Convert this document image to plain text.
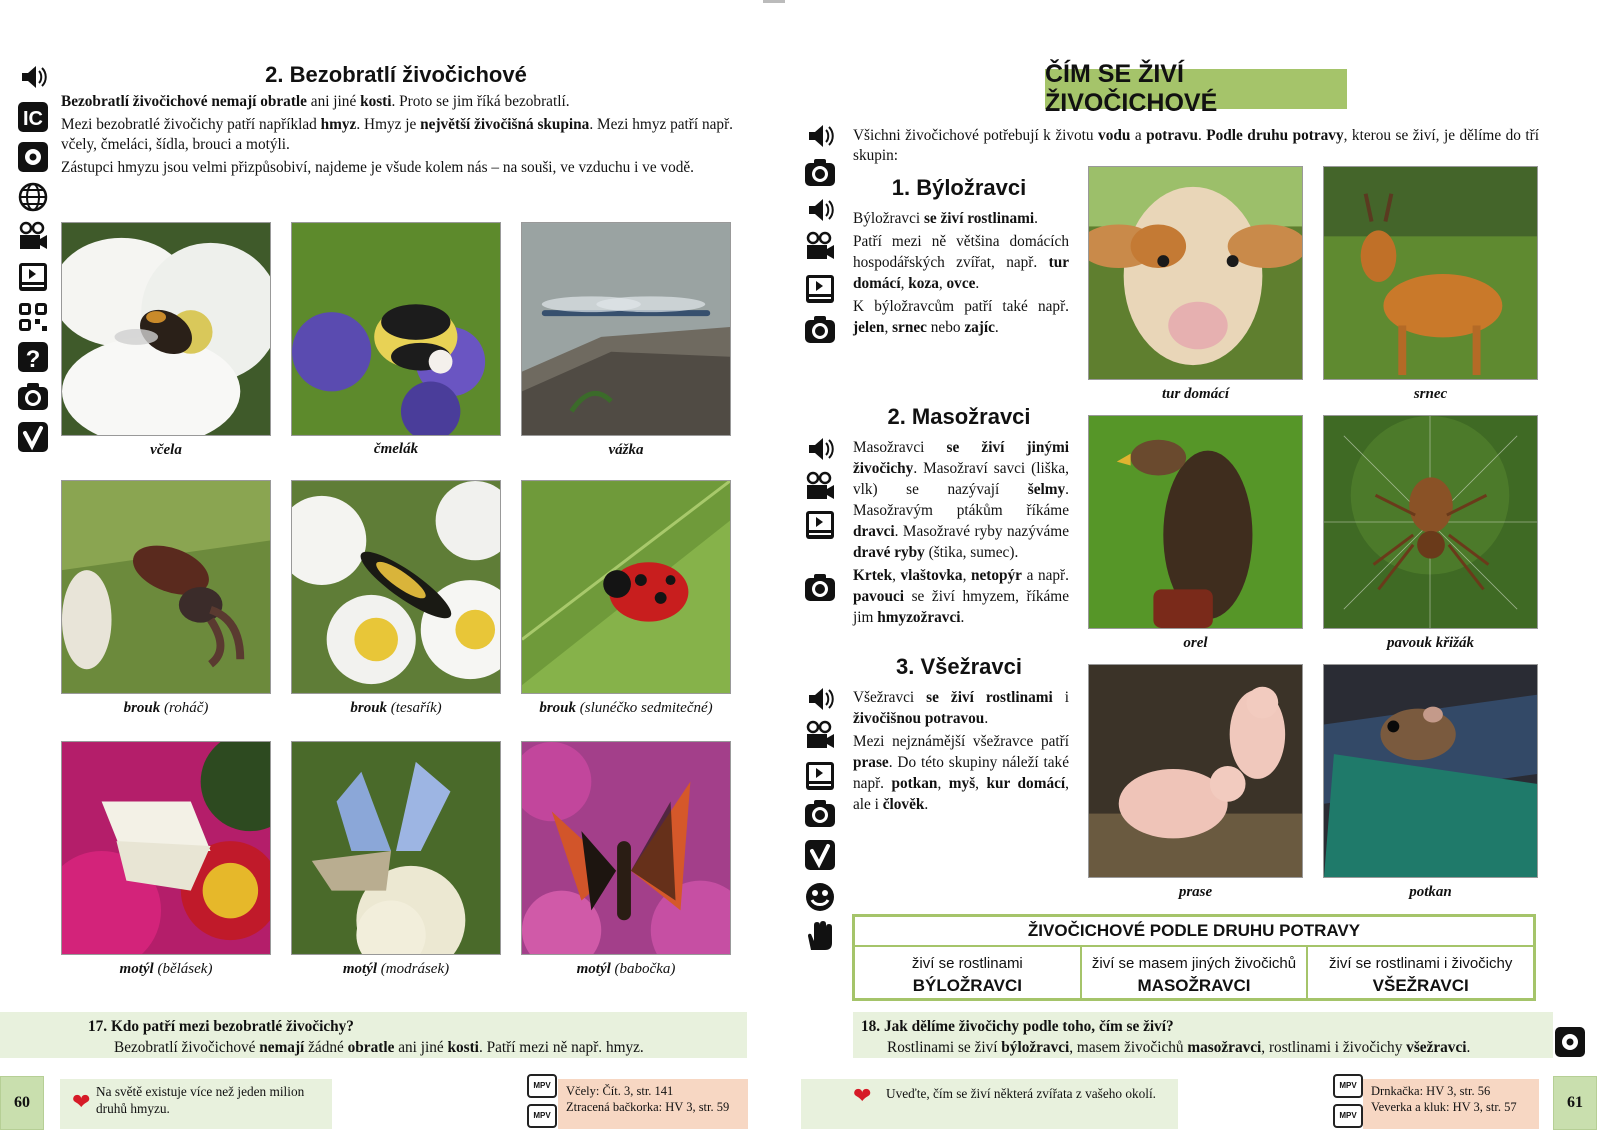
IC
?
2. Bezobratlí živočichové

Bezobratlí živočichové nemají obratle ani jiné kosti. Proto se jim říká bezobratlí.

Mezi bezobratlé živočichy patří například hmyz. Hmyz je největší živočišná skupina. Mezi hmyz patří např. včely, čmeláci, šídla, brouci a motýli.

Zástupci hmyzu jsou velmi přizpůsobiví, najdeme je všude kolem nás – na souši, ve vzduchu i ve vodě.

včela	čmelák	vážka
brouk (roháč)	brouk (tesařík)	brouk (slunéčko sedmitečné)
motýl (bělásek)	motýl (modrásek)	motýl (babočka)
17. Kdo patří mezi bezobratlé živočichy?
Bezobratlí živočichové nemají žádné obratle ani jiné kosti. Patří mezi ně např. hmyz.
60	❤ Na světě existuje více než jeden milion druhů hmyzu.
MPV
MPV
Včely: Čít. 3, str. 141
Ztracená bačkorka: HV 3, str. 59
ČÍM SE ŽIVÍ ŽIVOČICHOVÉ
Všichni živočichové potřebují k životu vodu a potravu. Podle druhu potravy, kterou se živí, je dělíme do tří skupin:
1. Býložravci

Býložravci se živí rostlinami.

Patří mezi ně většina domácích hospodářských zvířat, např. tur domácí, koza, ovce.

K býložravcům patří také např. jelen, srnec nebo zajíc.

2. Masožravci

Masožravci se živí jinými živočichy. Masožraví savci (liška, vlk) se nazývají šelmy. Masožravým ptákům říkáme dravci. Masožravé ryby nazýváme dravé ryby (štika, sumec).

Krtek, vlaštovka, netopýr a např. pavouci se živí hmyzem, říkáme jim hmyzožravci.

3. Všežravci

Všežravci se živí rostlinami i živočišnou potravou.

Mezi nejznámější všežravce patří prase. Do této skupiny náleží také např. potkan, myš, kur domácí, ale i člověk.

tur domácí	srnec
orel	pavouk křižák
prase	potkan
ŽIVOČICHOVÉ PODLE DRUHU POTRAVY
živí se rostlinami
BÝLOŽRAVCI
živí se masem jiných živočichů
MASOŽRAVCI
živí se rostlinami i živočichy
VŠEŽRAVCI
18. Jak dělíme živočichy podle toho, čím se živí?
Rostlinami se živí býložravci, masem živočichů masožravci, rostlinami i živočichy všežravci.
❤ Uveďte, čím se živí některá zvířata z vašeho okolí.
MPV
MPV
Drnkačka: HV 3, str. 56
Veverka a kluk: HV 3, str. 57	61
